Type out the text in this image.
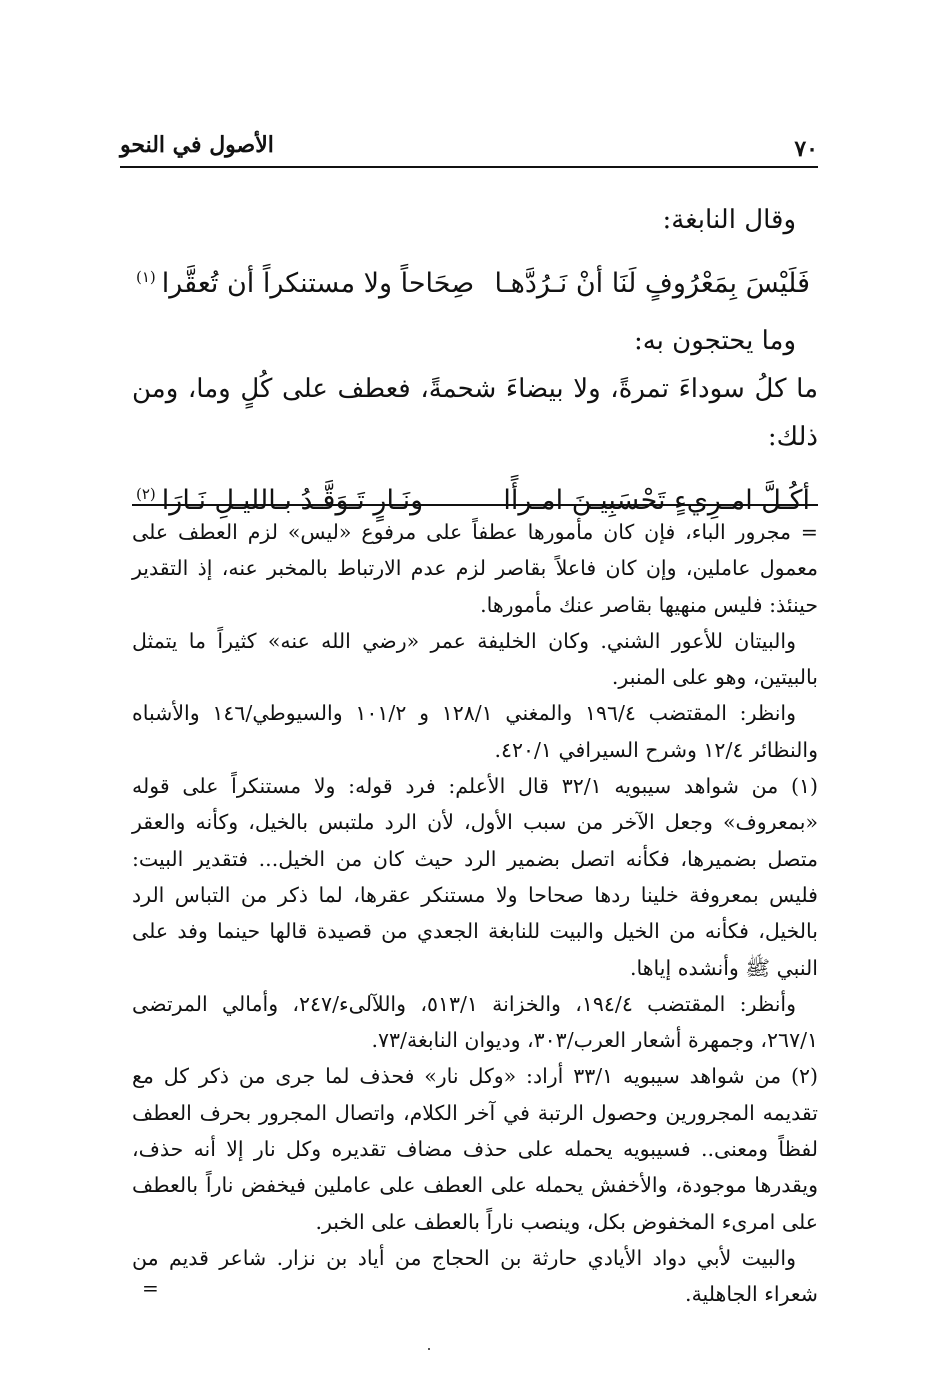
٧٠
الأصول في النحو

وقال النابغة:

فَلَيْسَ بِمَعْرُوفٍ لَنَا أنْ نَـرُدَّهـا
صِحَاحاً ولا مستنكراً أن تُعقَّرا$^{(١)}$

وما يحتجون به:

ما كلُ سوداءَ تمرةً، ولا بيضاءَ شحمةً، فعطف على كُلٍ وما، ومن ذلك:

أكُـلَّ امـرِيءٍ تَحْسَبِيـنَ امـرأًا
ونَـارٍ تَـوَقَّـدُ بـالليـلِ نَـارَا$^{(٢)}$

= مجرور الباء، فإن كان مأمورها عطفاً على مرفوع «ليس» لزم العطف على معمول عاملين، وإن كان فاعلاً بقاصر لزم عدم الارتباط بالمخبر عنه، إذ التقدير حينئذ: فليس منهيها بقاصر عنك مأمورها.

والبيتان للأعور الشني. وكان الخليفة عمر «رضي الله عنه» كثيراً ما يتمثل بالبيتين، وهو على المنبر.

وانظر: المقتضب ١٩٦/٤ والمغني ١٢٨/١ و ١٠١/٢ والسيوطي/١٤٦ والأشباه والنظائر ١٢/٤ وشرح السيرافي ٤٢٠/١.

(١) من شواهد سيبويه ٣٢/١ قال الأعلم: فرد قوله: ولا مستنكراً على قوله «بمعروف» وجعل الآخر من سبب الأول، لأن الرد ملتبس بالخيل، وكأنه والعقر متصل بضميرها، فكأنه اتصل بضمير الرد حيث كان من الخيل... فتقدير البيت: فليس بمعروفة خلينا ردها صحاحا ولا مستنكر عقرها، لما ذكر من التباس الرد بالخيل، فكأنه من الخيل والبيت للنابغة الجعدي من قصيدة قالها حينما وفد على النبي ﷺ وأنشده إياها.

وأنظر: المقتضب ١٩٤/٤، والخزانة ٥١٣/١، واللآلىء/٢٤٧، وأمالي المرتضى ٢٦٧/١، وجمهرة أشعار العرب/٣٠٣، وديوان النابغة/٧٣.

(٢) من شواهد سيبويه ٣٣/١ أراد: «وكل نار» فحذف لما جرى من ذكر كل مع تقديمه المجرورين وحصول الرتبة في آخر الكلام، واتصال المجرور بحرف العطف لفظاً ومعنى.. فسيبويه يحمله على حذف مضاف تقديره وكل نار إلا أنه حذف، ويقدرها موجودة، والأخفش يحمله على العطف على عاملين فيخفض ناراً بالعطف على امرىء المخفوض بكل، وينصب ناراً بالعطف على الخبر.

والبيت لأبي دواد الأيادي حارثة بن الحجاج من أياد بن نزار. شاعر قديم من شعراء الجاهلية.

=
